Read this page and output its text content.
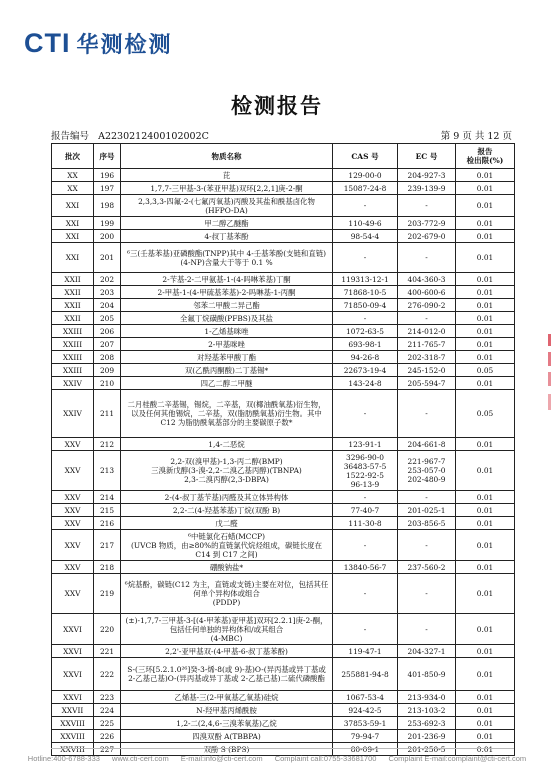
CTI 华测检测
检测报告
报告编号 A2230212400102002C	第 9 页 共 12 页
批次	序号	物质名称	CAS 号	EC 号	报告
检出限(%)
XX	196	芘	129-00-0	204-927-3	0.01
XX	197	1,7,7-三甲基-3-(苯亚甲基)双环[2,2,1]庚-2-酮	15087-24-8	239-139-9	0.01
XXI	198	2,3,3,3-四氟-2-(七氟丙氧基)丙酸及其盐和酰基卤化物(HFPO-DA)	-	-	0.01
XXI	199	甲二醇乙醚酯	110-49-6	203-772-9	0.01
XXI	200	4-叔丁基苯酚	98-54-4	202-679-0	0.01
XXI	201	⁶三(壬基苯基)亚磷酸酯(TNPP)其中 4-壬基苯酚(支链和直链) (4-NP)含量大于等于 0.1 %	-	-	0.01
XXII	202	2-苄基-2-二甲氨基-1-(4-吗啉苯基)丁酮	119313-12-1	404-360-3	0.01
XXII	203	2-甲基-1-(4-甲硫基苯基)-2-吗啉基-1-丙酮	71868-10-5	400-600-6	0.01
XXII	204	邻苯二甲酸二异己酯	71850-09-4	276-090-2	0.01
XXII	205	全氟丁烷磺酸(PFBS)及其盐	-	-	0.01
XXIII	206	1-乙烯基咪唑	1072-63-5	214-012-0	0.01
XXIII	207	2-甲基咪唑	693-98-1	211-765-7	0.01
XXIII	208	对羟基苯甲酸丁酯	94-26-8	202-318-7	0.01
XXIII	209	双(乙酰丙酮酸)二丁基锡*	22673-19-4	245-152-0	0.05
XXIV	210	四乙二醇二甲醚	143-24-8	205-594-7	0.01
XXIV	211	二月桂酸二辛基锡，锡烷，二辛基，双(椰油酰氧基)衍生物，以及任何其他锡烷，二辛基，双(脂肪酰氧基)衍生物。其中 C12 为脂肪酰氧基部分的主要碳原子数*	-	-	0.05
XXV	212	1,4-二恶烷	123-91-1	204-661-8	0.01
XXV	213	2,2-双(溴甲基)-1,3-丙二醇(BMP)
三溴新戊醇(3-溴-2,2-二溴乙基丙醇)(TBNPA)
2,3-二溴丙醇(2,3-DBPA)	3296-90-0
36483-57-5
1522-92-5
96-13-9	221-967-7
253-057-0
202-480-9	0.01
XXV	214	2-(4-叔丁基苄基)丙醛及其立体异构体	-	-	0.01
XXV	215	2,2-二(4-羟基苯基)丁烷(双酚 B)	77-40-7	201-025-1	0.01
XXV	216	戊二醛	111-30-8	203-856-5	0.01
XXV	217	⁶中链氯化石蜡(MCCP)
(UVCB 物质，由≥80%的直链氯代烷烃组成，碳链长度在 C14 到 C17 之间)	-	-	0.01
XXV	218	硼酸钠盐*	13840-56-7	237-560-2	0.01
XXV	219	⁶烷基酚，碳链(C12 为主，直链或支链)主要在对位，包括其任何单个异构体或组合
(PDDP)	-	-	0.01
XXVI	220	(±)-1,7,7-三甲基-3-[(4-甲苯基)亚甲基]双环[2.2.1]庚-2-酮，包括任何单独的异构体和/或其组合
(4-MBC)	-	-	0.01
XXVI	221	2,2'-亚甲基双-(4-甲基-6-叔丁基苯酚)	119-47-1	204-327-1	0.01
XXVI	222	S-(三环[5.2.1.0²⁶]癸-3-烯-8(或 9)-基)O-(异丙基或异丁基或 2-乙基己基)O-(异丙基或异丁基或 2-乙基己基)二硫代磷酸酯	255881-94-8	401-850-9	0.01
XXVI	223	乙烯基-三(2-甲氧基乙氧基)硅烷	1067-53-4	213-934-0	0.01
XXVII	224	N-羟甲基丙烯酰胺	924-42-5	213-103-2	0.01
XXVIII	225	1,2-二(2,4,6-三溴苯氧基)乙烷	37853-59-1	253-692-3	0.01
XXVIII	226	四溴双酚 A(TBBPA)	79-94-7	201-236-9	0.01
XXVIII	227	双酚 S (BPS)	80-09-1	201-250-5	0.01
Hotline:400-6788-333 www.cti-cert.com E-mail:info@cti-cert.com Complaint call:0755-33681700 Complaint E-mail:complaint@cti-cert.com
